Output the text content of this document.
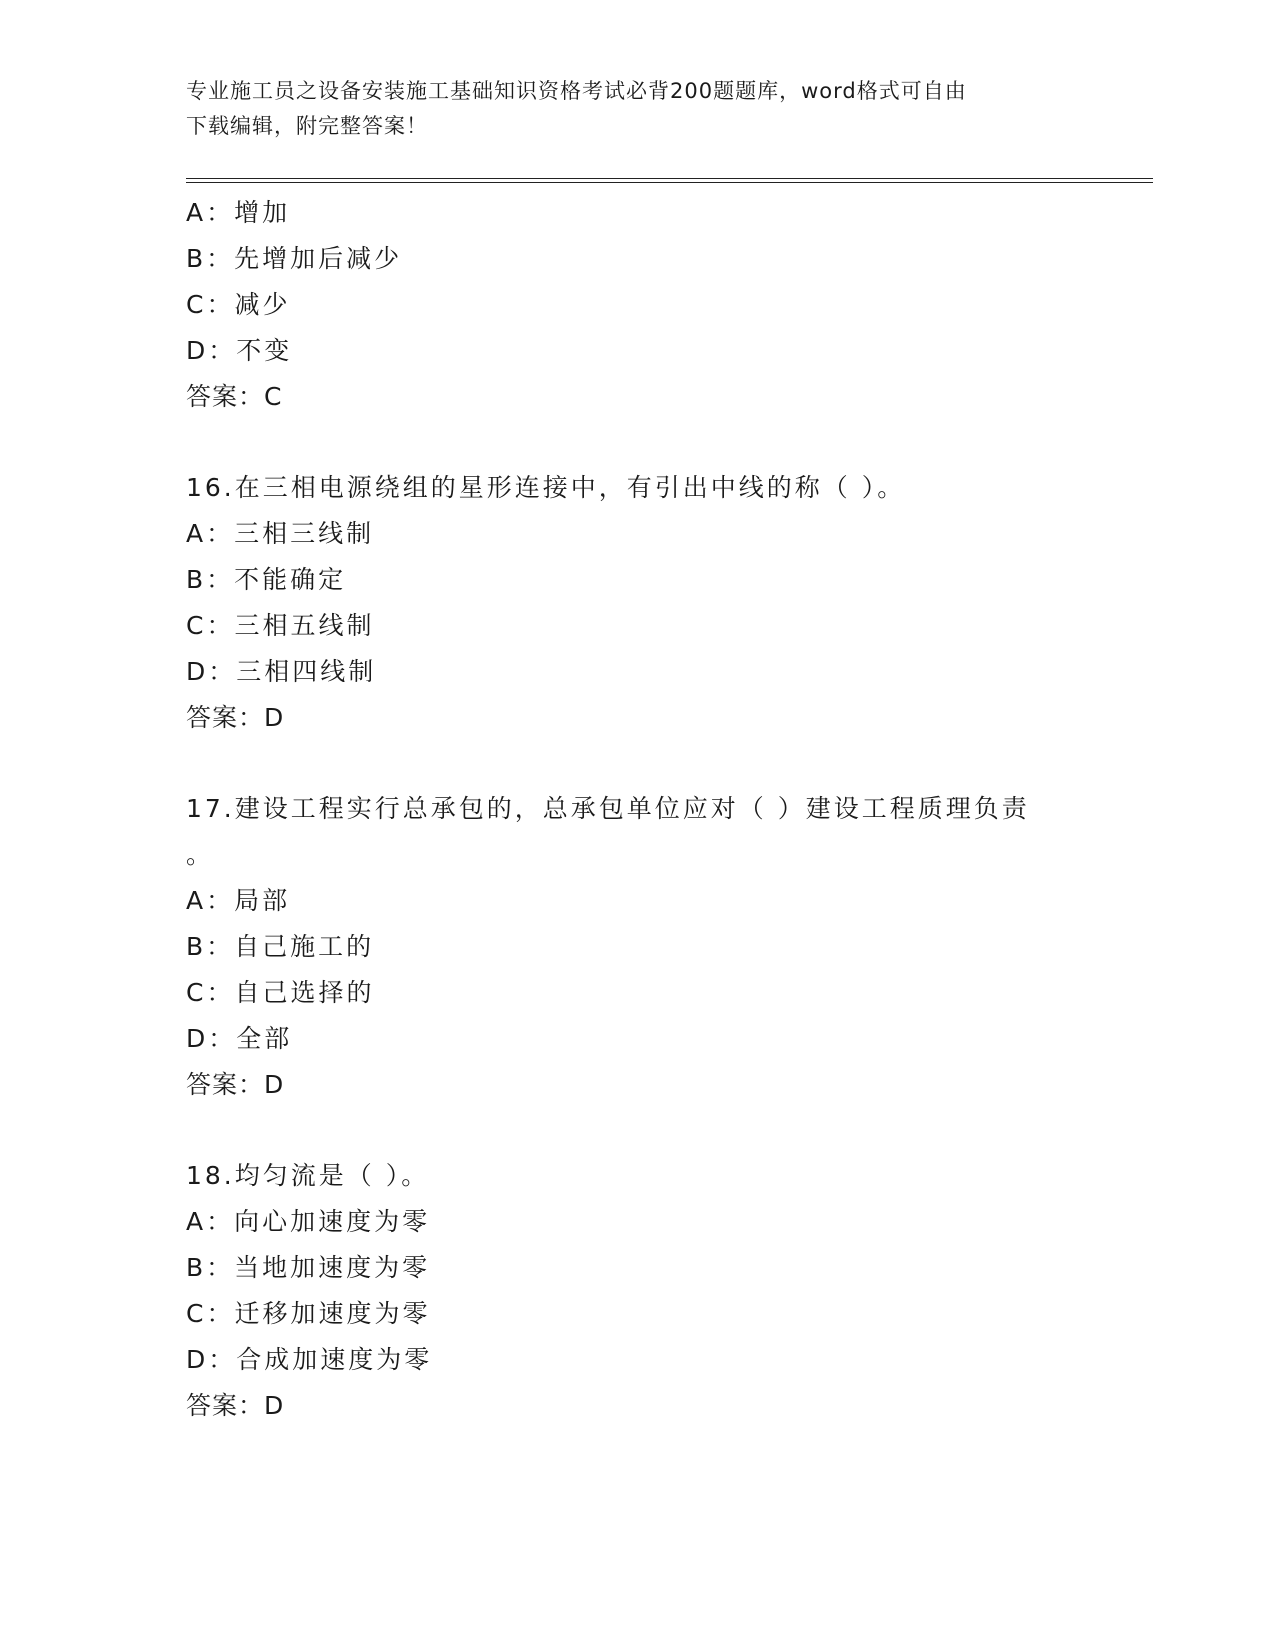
专业施工员之设备安装施工基础知识资格考试必背200题题库，word格式可自由
下载编辑，附完整答案！
A：增加
B：先增加后减少
C：减少
D：不变
答案：C
16.在三相电源绕组的星形连接中，有引出中线的称（ ）。
A：三相三线制
B：不能确定
C：三相五线制
D：三相四线制
答案：D
17.建设工程实行总承包的，总承包单位应对（ ）建设工程质理负责
。
A：局部
B：自己施工的
C：自己选择的
D：全部
答案：D
18.均匀流是（ ）。
A：向心加速度为零
B：当地加速度为零
C：迁移加速度为零
D：合成加速度为零
答案：D
